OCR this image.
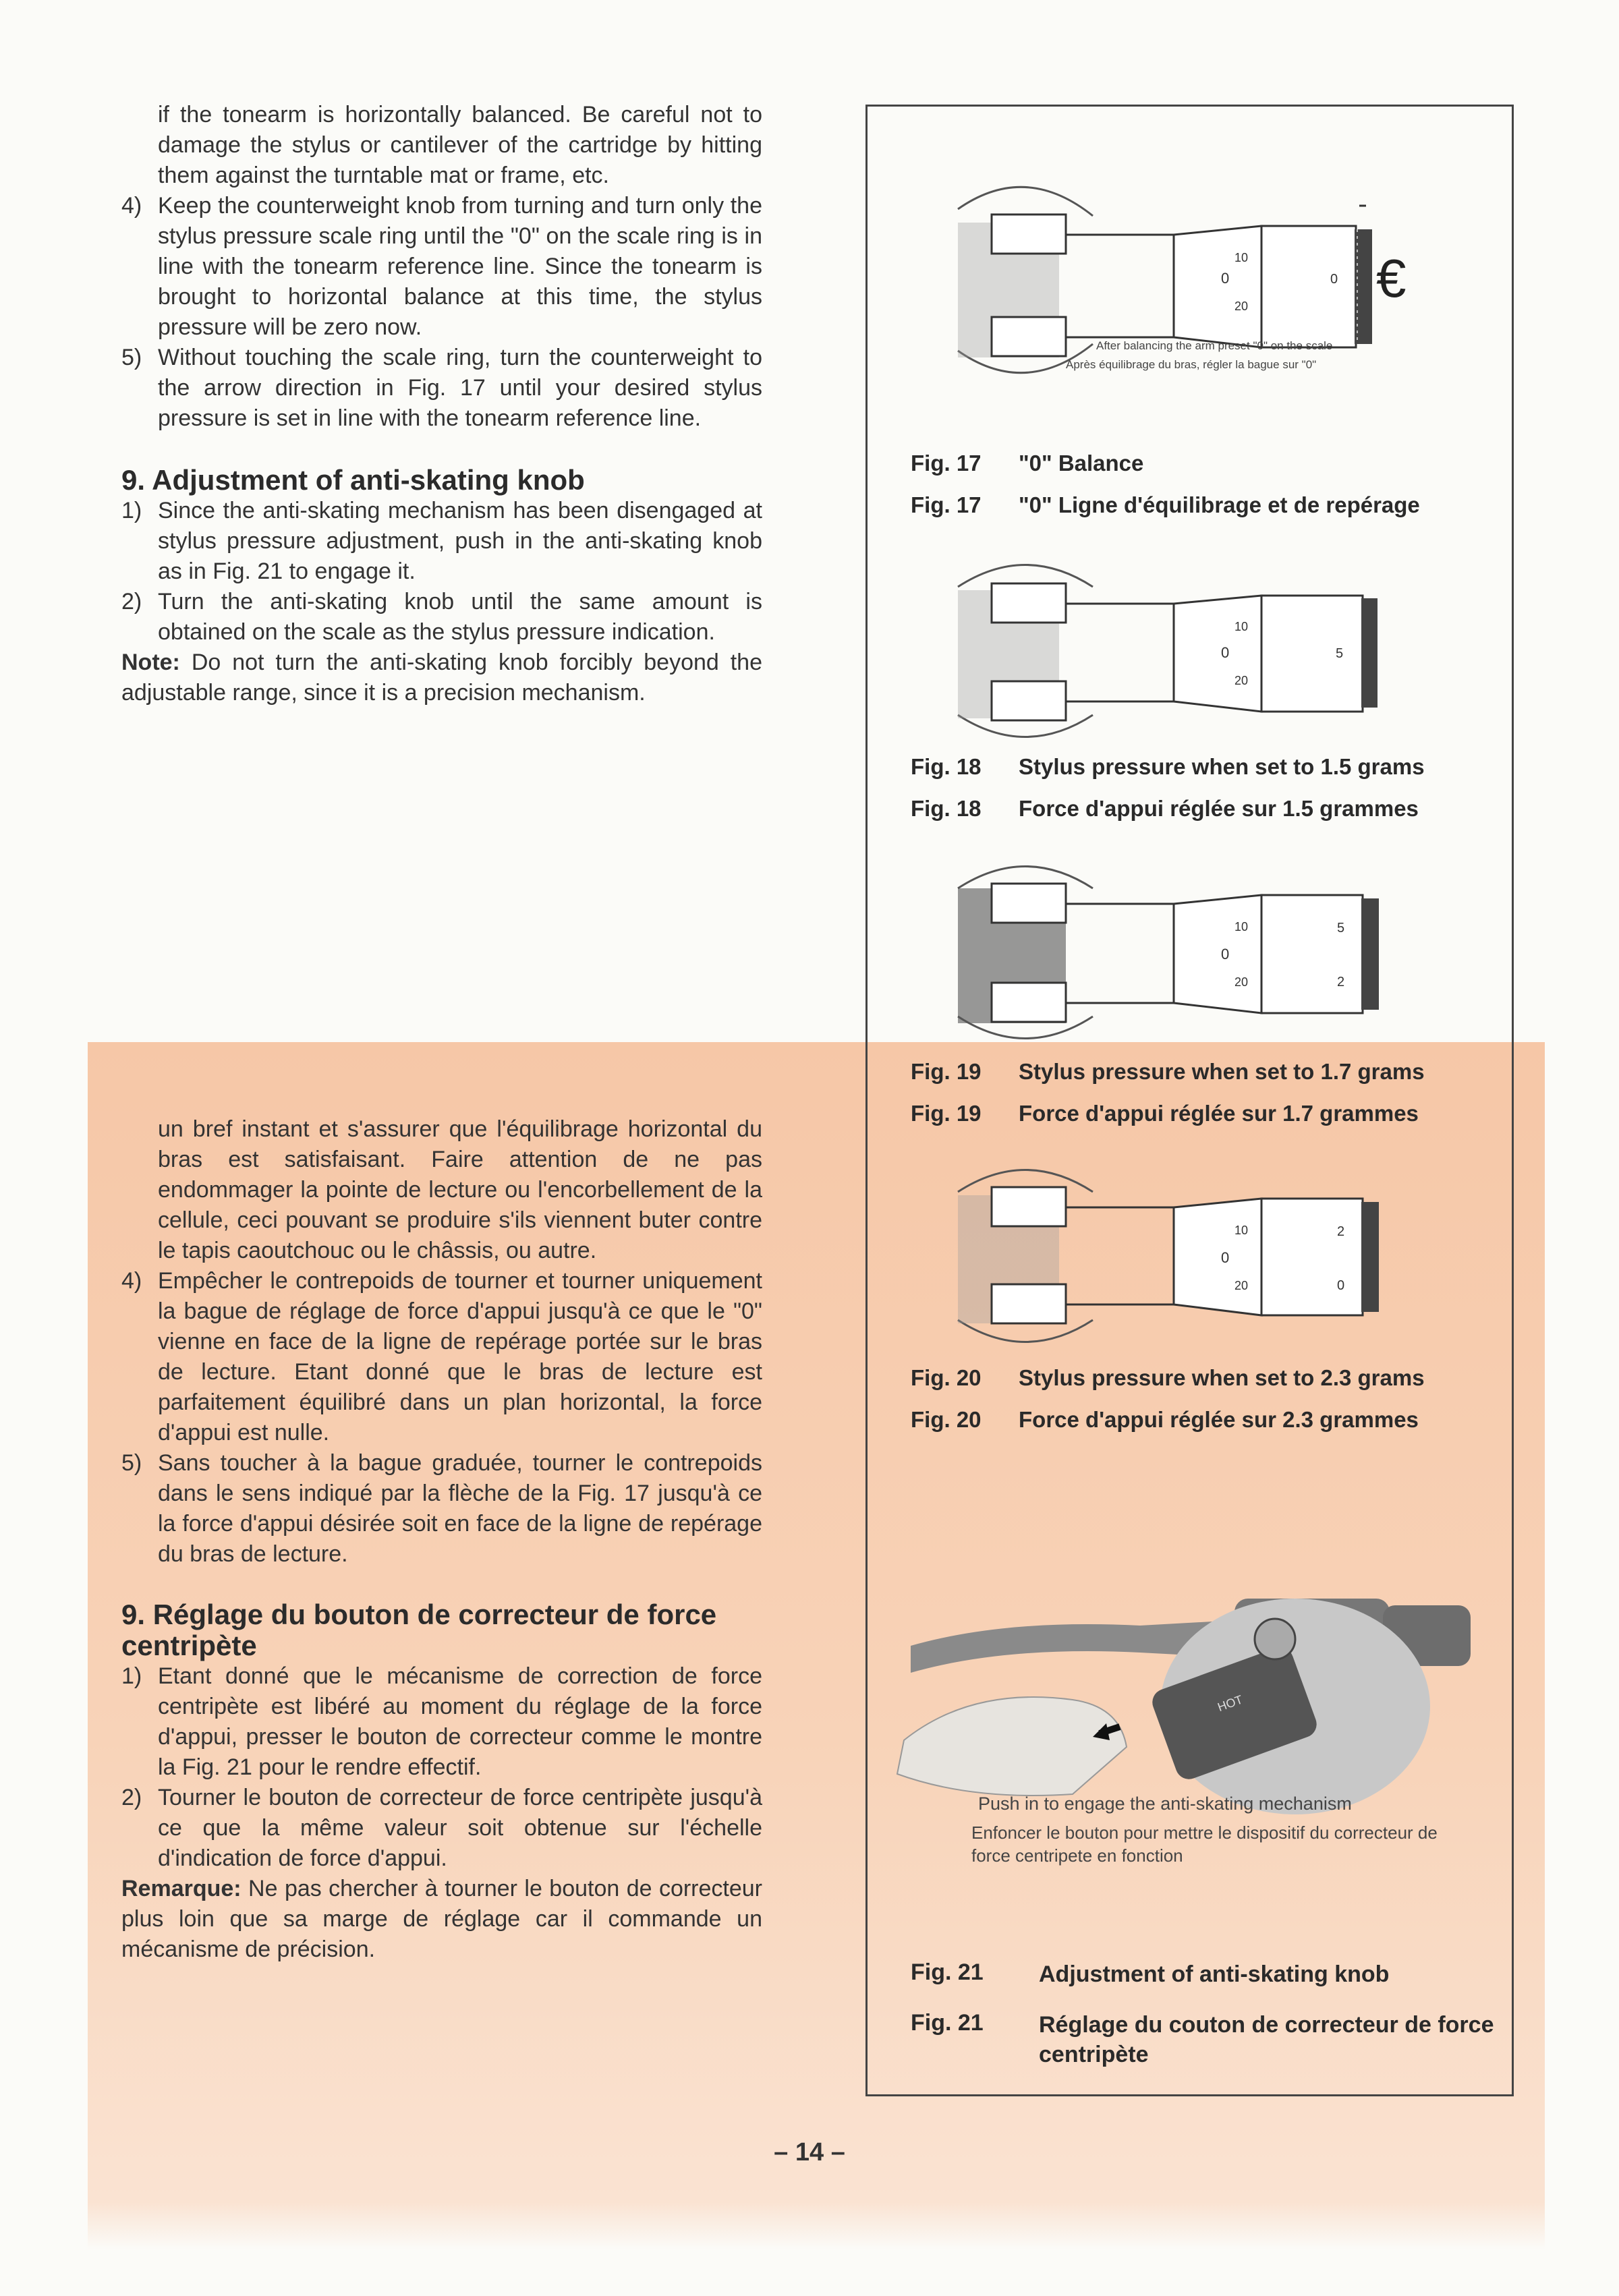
if the tonearm is horizontally balanced. Be careful not to damage the stylus or cantilever of the cartridge by hitting them against the turntable mat or frame, etc.

4) Keep the counterweight knob from turning and turn only the stylus pressure scale ring until the "0" on the scale ring is in line with the tonearm reference line. Since the tonearm is brought to horizontal balance at this time, the stylus pressure will be zero now.
5) Without touching the scale ring, turn the counterweight to the arrow direction in Fig. 17 until your desired stylus pressure is set in line with the tonearm reference line.
9. Adjustment of anti-skating knob
1) Since the anti-skating mechanism has been disengaged at stylus pressure adjustment, push in the anti-skating knob as in Fig. 21 to engage it.
2) Turn the anti-skating knob until the same amount is obtained on the scale as the stylus pressure indication.
Note: Do not turn the anti-skating knob forcibly beyond the adjustable range, since it is a precision mechanism.

un bref instant et s'assurer que l'équilibrage horizontal du bras est satisfaisant. Faire attention de ne pas endommager la pointe de lecture ou l'encorbellement de la cellule, ceci pouvant se produire s'ils viennent buter contre le tapis caoutchouc ou le châssis, ou autre.

4) Empêcher le contrepoids de tourner et tourner uniquement la bague de réglage de force d'appui jusqu'à ce que le "0" vienne en face de la ligne de repérage portée sur le bras de lecture. Etant donné que le bras de lecture est parfaitement équilibré dans un plan horizontal, la force d'appui est nulle.
5) Sans toucher à la bague graduée, tourner le contrepoids dans le sens indiqué par la flèche de la Fig. 17 jusqu'à ce la force d'appui désirée soit en face de la ligne de repérage du bras de lecture.
9. Réglage du bouton de correcteur de force centripète
1) Etant donné que le mécanisme de correction de force centripète est libéré au moment du réglage de la force d'appui, presser le bouton de correcteur comme le montre la Fig. 21 pour le rendre effectif.
2) Tourner le bouton de correcteur de force centripète jusqu'à ce que la même valeur soit obtenue sur l'échelle d'indication de force d'appui.
Remarque: Ne pas chercher à tourner le bouton de correcteur plus loin que sa marge de réglage car il commande un mécanisme de précision.
0
10
20
0 €
After balancing the arm preset "0" on the scale
Après équilibrage du bras, régler la bague sur "0"
Fig. 17 "0" Balance
Fig. 17 "0" Ligne d'équilibrage et de repérage
0
10
20
5
Fig. 18 Stylus pressure when set to 1.5 grams
Fig. 18 Force d'appui réglée sur 1.5 grammes
0
10
20
5
2
Fig. 19 Stylus pressure when set to 1.7 grams
Fig. 19 Force d'appui réglée sur 1.7 grammes
0
10
20
2
0
Fig. 20 Stylus pressure when set to 2.3 grams
Fig. 20 Force d'appui réglée sur 2.3 grammes
HOT
Push in to engage the anti-skating mechanism
Enfoncer le bouton pour mettre le dispositif du correcteur de force centripete en fonction
Fig. 21 Adjustment of anti-skating knob
Fig. 21 Réglage du couton de correcteur de force centripète
– 14 –
